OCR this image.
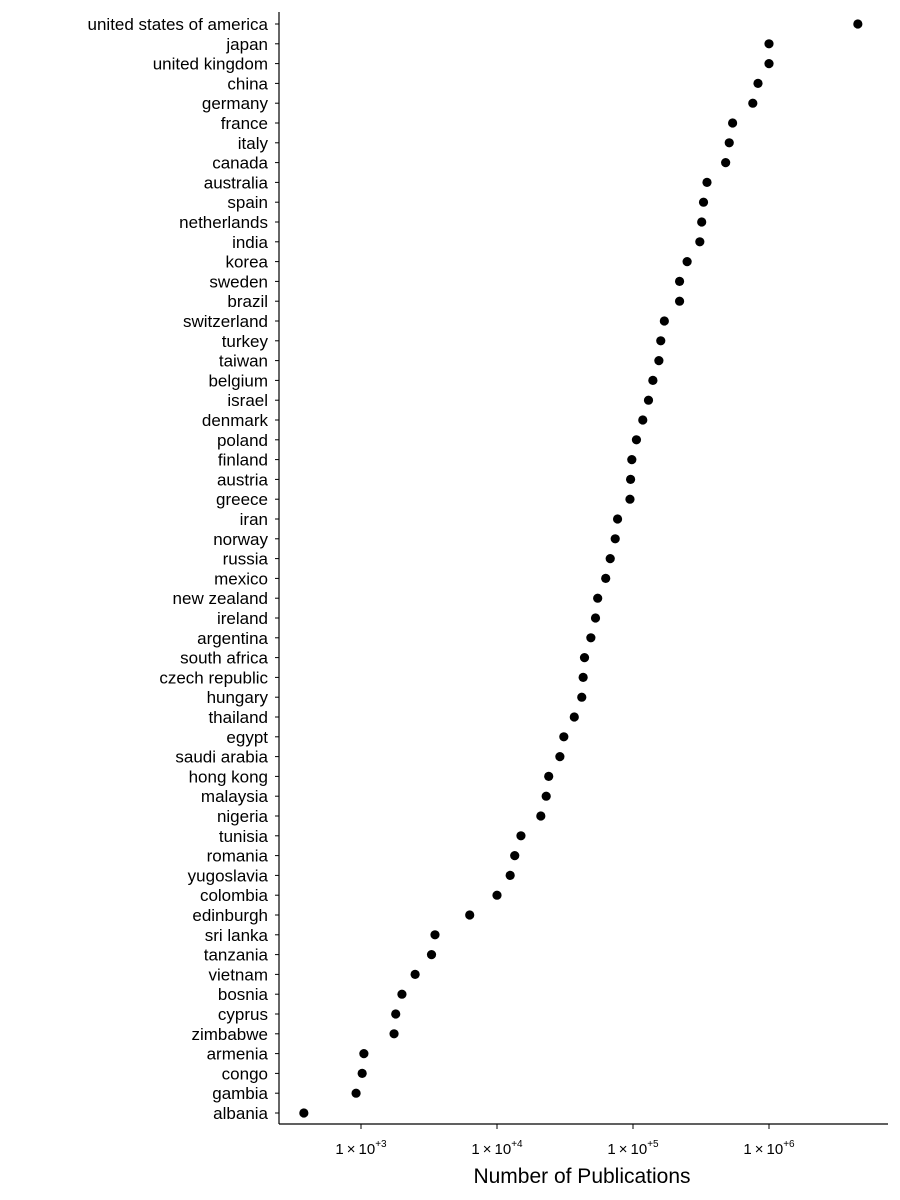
united states of america
japan
united kingdom
china
germany
france
italy
canada
australia
spain
netherlands
india
korea
sweden
brazil
switzerland
turkey
taiwan
belgium
israel
denmark
poland
finland
austria
greece
iran
norway
russia
mexico
new zealand
ireland
argentina
south africa
czech republic
hungary
thailand
egypt
saudi arabia
hong kong
malaysia
nigeria
tunisia
romania
yugoslavia
colombia
edinburgh
sri lanka
tanzania
vietnam
bosnia
cyprus
zimbabwe
armenia
congo
gambia
albania
$1 \times 10^{+3}$	$1 \times 10^{+4}$	$1 \times 10^{+5}$	$1 \times 10^{+6}$
Number of Publications
